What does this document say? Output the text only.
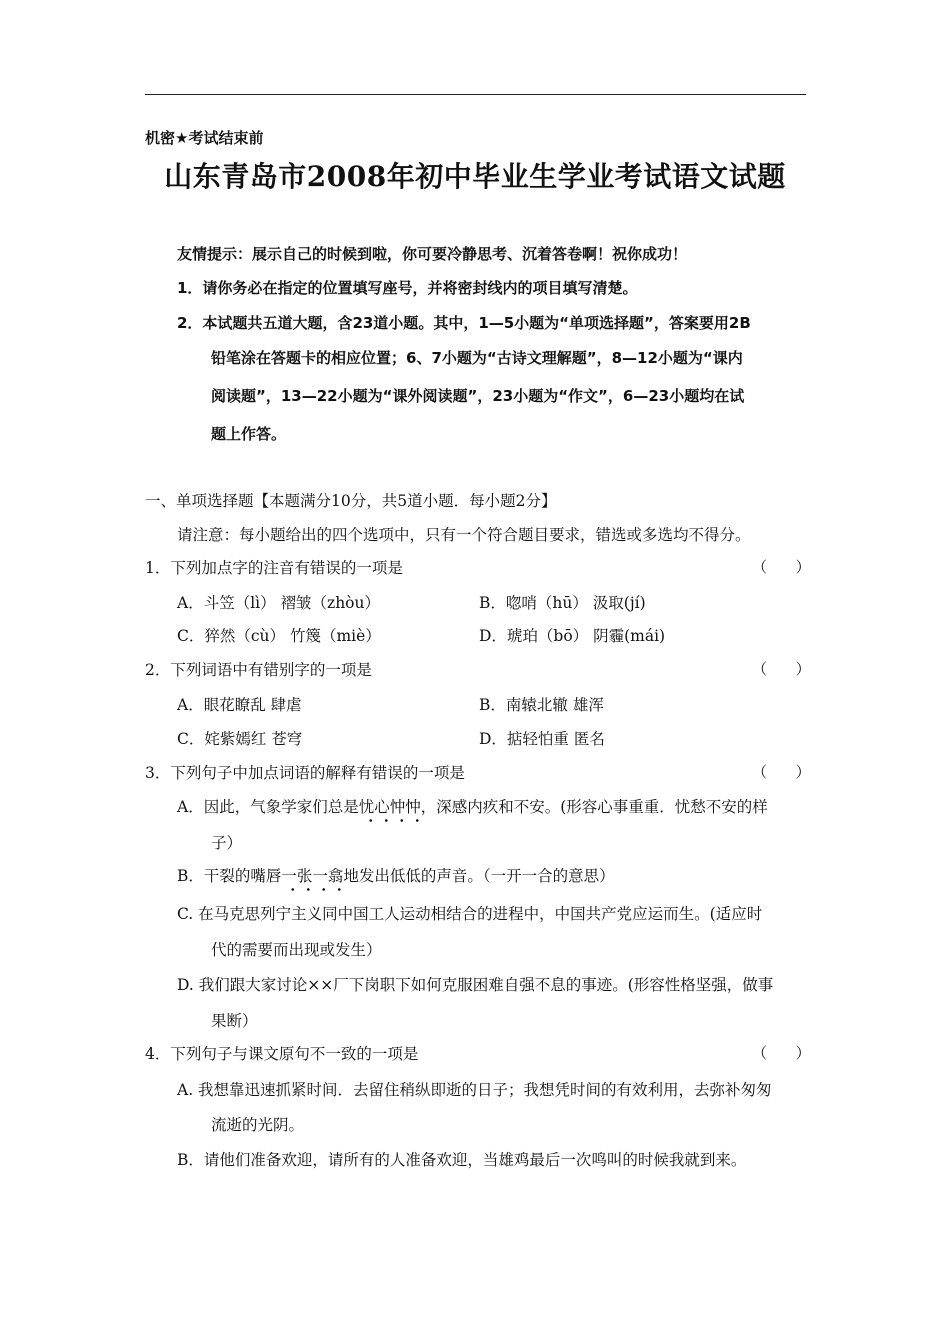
机密★考试结束前
山东青岛市2008年初中毕业生学业考试语文试题
友情提示：展示自己的时候到啦，你可要冷静思考、沉着答卷啊！祝你成功！
1．请你务必在指定的位置填写座号，并将密封线内的项目填写清楚。
2．本试题共五道大题，含23道小题。其中，1—5小题为“单项选择题”，答案要用2B
铅笔涂在答题卡的相应位置；6、7小题为“古诗文理解题”，8—12小题为“课内
阅读题”，13—22小题为“课外阅读题”，23小题为“作文”，6—23小题均在试
题上作答。
一、单项选择题【本题满分10分，共5道小题．每小题2分】
请注意：每小题给出的四个选项中，只有一个符合题目要求，错选或多选均不得分。
1．下列加点字的注音有错误的一项是	（      ）
A．斗笠（lì） 褶皱（zhòu）	B．唿哨（hū） 汲取(jí)
C．猝然（cù） 竹篾（miè）	D．琥珀（bō） 阴霾(mái)
2．下列词语中有错别字的一项是	（      ）
A．眼花瞭乱 肆虐	B．南辕北辙 雄浑
C．姹紫嫣红 苍穹	D．掂轻怕重 匿名
3．下列句子中加点词语的解释有错误的一项是	（      ）
A．因此，气象学家们总是忧心忡忡，深感内疚和不安。(形容心事重重．忧愁不安的样
子）
B．干裂的嘴唇一张一翕地发出低低的声音。（一开一合的意思）
C. 在马克思列宁主义同中国工人运动相结合的进程中，中国共产党应运而生。(适应时
代的需要而出现或发生）
D. 我们跟大家讨论××厂下岗职下如何克服困难自强不息的事迹。(形容性格坚强，做事
果断）
4．下列句子与课文原句不一致的一项是	（      ）
A. 我想靠迅速抓紧时间．去留住稍纵即逝的日子；我想凭时间的有效利用，去弥补匆匆
流逝的光阴。
B．请他们准备欢迎，请所有的人准备欢迎，当雄鸡最后一次鸣叫的时候我就到来。
